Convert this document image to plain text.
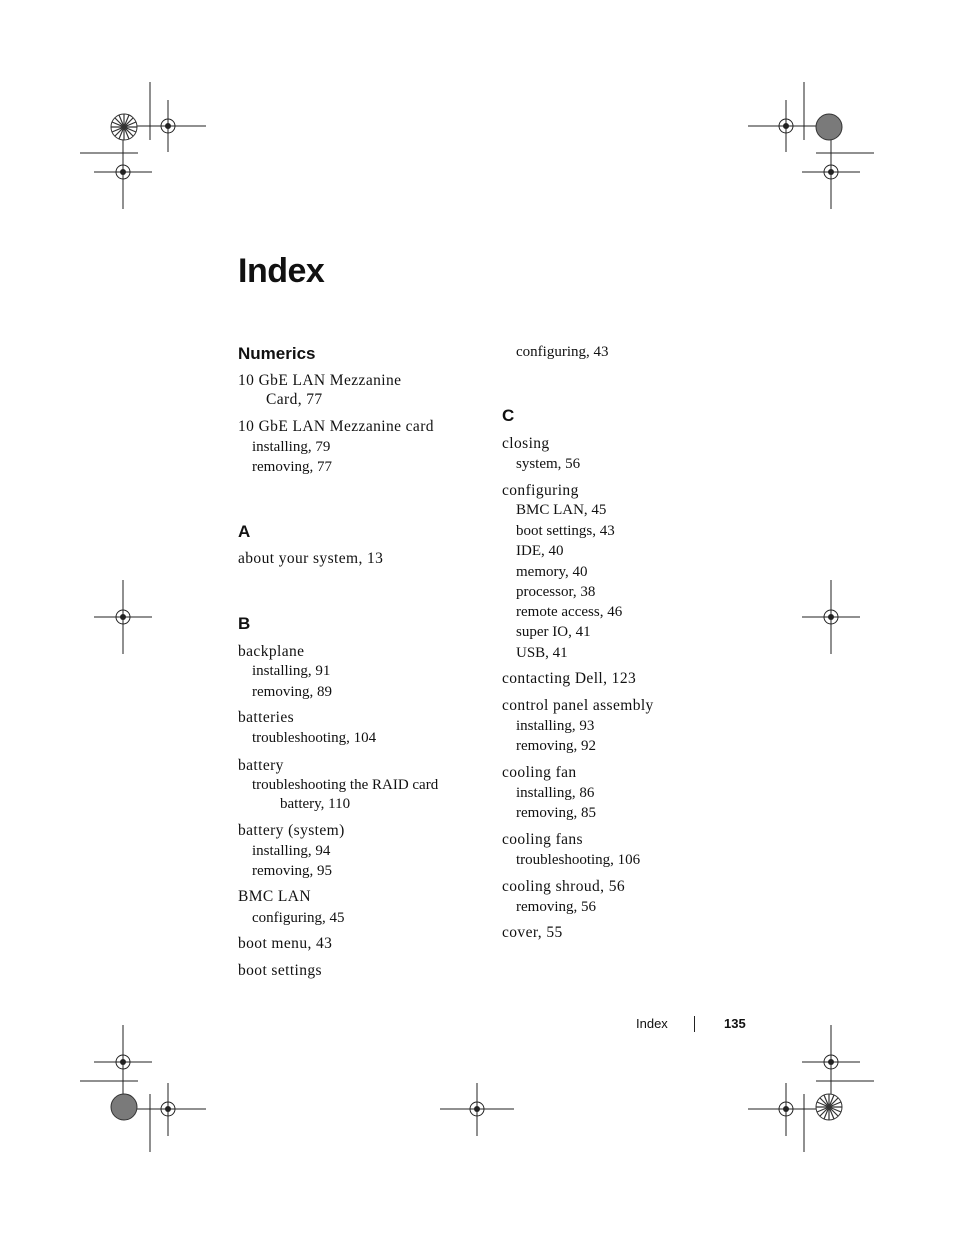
Index
Numerics
10 GbE LAN Mezzanine
Card, 77
10 GbE LAN Mezzanine card
installing, 79
removing, 77
A
about your system, 13
B
backplane
installing, 91
removing, 89
batteries
troubleshooting, 104
battery
troubleshooting the RAID card
battery, 110
battery (system)
installing, 94
removing, 95
BMC LAN
configuring, 45
boot menu, 43
boot settings
configuring, 43
C
closing
system, 56
configuring
BMC LAN, 45
boot settings, 43
IDE, 40
memory, 40
processor, 38
remote access, 46
super IO, 41
USB, 41
contacting Dell, 123
control panel assembly
installing, 93
removing, 92
cooling fan
installing, 86
removing, 85
cooling fans
troubleshooting, 106
cooling shroud, 56
removing, 56
cover, 55
Index	135
